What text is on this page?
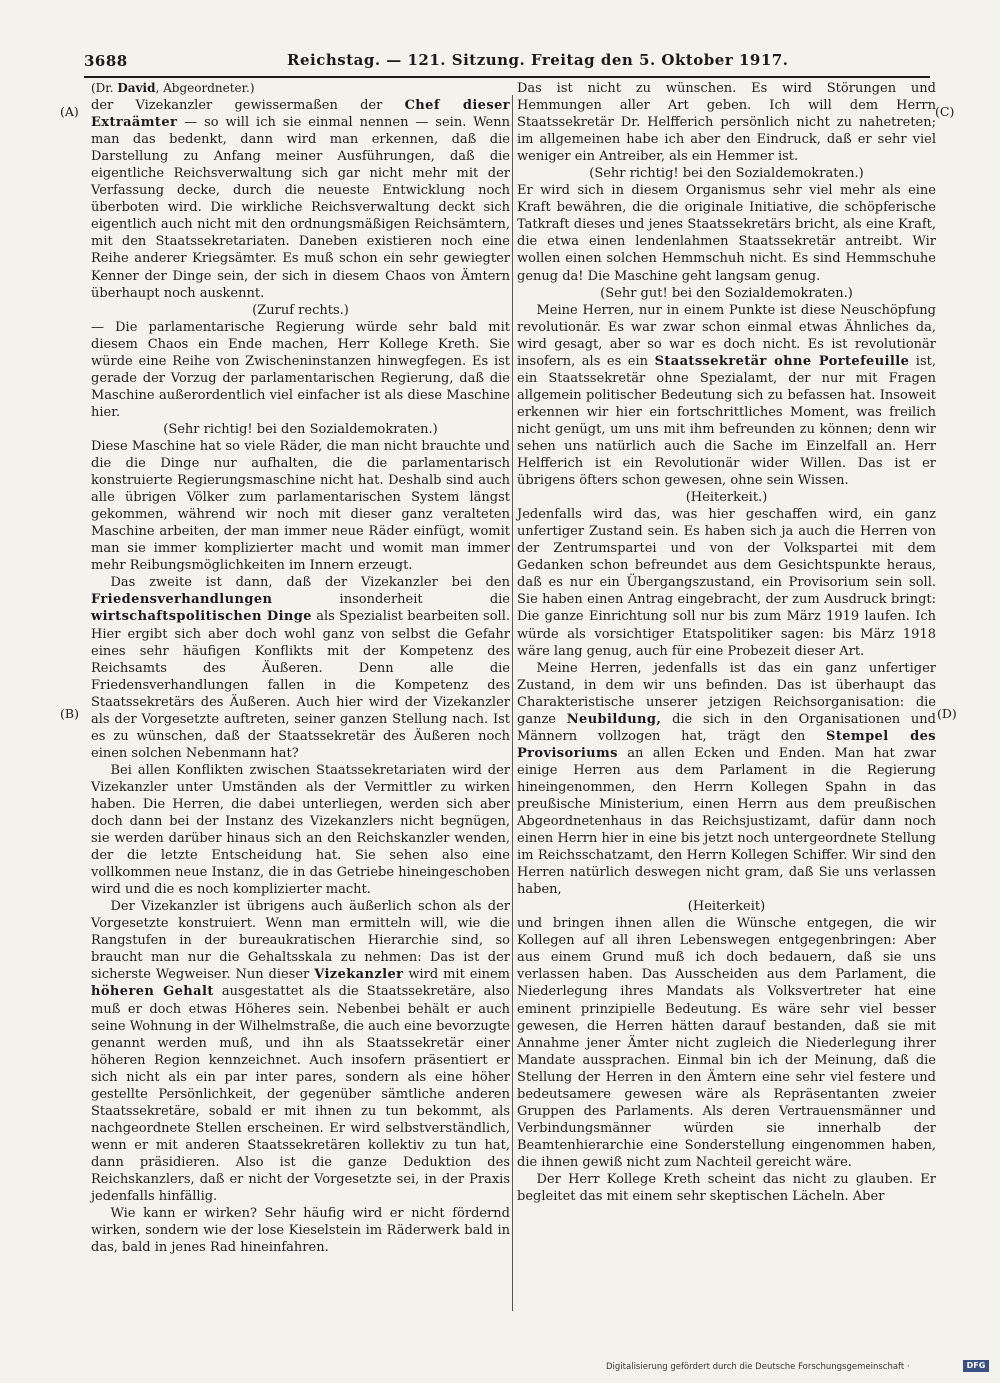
3688	Reichstag. — 121. Sitzung. Freitag den 5. Oktober 1917.
(A)
(B)
(C)
(D)

(Dr. David, Abgeordneter.)

der Vizekanzler gewissermaßen der Chef dieser Extraämter — so will ich sie einmal nennen — sein. Wenn man das bedenkt, dann wird man erkennen, daß die Darstellung zu Anfang meiner Ausführungen, daß die eigentliche Reichsverwaltung sich gar nicht mehr mit der Verfassung decke, durch die neueste Entwicklung noch überboten wird. Die wirkliche Reichsverwaltung deckt sich eigentlich auch nicht mit den ordnungsmäßigen Reichsämtern, mit den Staatssekretariaten. Daneben existieren noch eine Reihe anderer Kriegsämter. Es muß schon ein sehr gewiegter Kenner der Dinge sein, der sich in diesem Chaos von Ämtern überhaupt noch auskennt.

(Zuruf rechts.)

— Die parlamentarische Regierung würde sehr bald mit diesem Chaos ein Ende machen, Herr Kollege Kreth. Sie würde eine Reihe von Zwischeninstanzen hinwegfegen. Es ist gerade der Vorzug der parlamentarischen Regierung, daß die Maschine außerordentlich viel einfacher ist als diese Maschine hier.

(Sehr richtig! bei den Sozialdemokraten.)

Diese Maschine hat so viele Räder, die man nicht brauchte und die die Dinge nur aufhalten, die die parlamentarisch konstruierte Regierungsmaschine nicht hat. Deshalb sind auch alle übrigen Völker zum parlamentarischen System längst gekommen, während wir noch mit dieser ganz veralteten Maschine arbeiten, der man immer neue Räder einfügt, womit man sie immer komplizierter macht und womit man immer mehr Reibungsmöglichkeiten im Innern erzeugt.

Das zweite ist dann, daß der Vizekanzler bei den Friedensverhandlungen insonderheit die wirtschaftspolitischen Dinge als Spezialist bearbeiten soll. Hier ergibt sich aber doch wohl ganz von selbst die Gefahr eines sehr häufigen Konflikts mit der Kompetenz des Reichsamts des Äußeren. Denn alle die Friedensverhandlungen fallen in die Kompetenz des Staatssekretärs des Äußeren. Auch hier wird der Vizekanzler als der Vorgesetzte auftreten, seiner ganzen Stellung nach. Ist es zu wünschen, daß der Staatssekretär des Äußeren noch einen solchen Nebenmann hat?

Bei allen Konflikten zwischen Staatssekretariaten wird der Vizekanzler unter Umständen als der Vermittler zu wirken haben. Die Herren, die dabei unterliegen, werden sich aber doch dann bei der Instanz des Vizekanzlers nicht begnügen, sie werden darüber hinaus sich an den Reichskanzler wenden, der die letzte Entscheidung hat. Sie sehen also eine vollkommen neue Instanz, die in das Getriebe hineingeschoben wird und die es noch komplizierter macht.

Der Vizekanzler ist übrigens auch äußerlich schon als der Vorgesetzte konstruiert. Wenn man ermitteln will, wie die Rangstufen in der bureaukratischen Hierarchie sind, so braucht man nur die Gehaltsskala zu nehmen: Das ist der sicherste Wegweiser. Nun dieser Vizekanzler wird mit einem höheren Gehalt ausgestattet als die Staatssekretäre, also muß er doch etwas Höheres sein. Nebenbei behält er auch seine Wohnung in der Wilhelmstraße, die auch eine bevorzugte genannt werden muß, und ihn als Staatssekretär einer höheren Region kennzeichnet. Auch insofern präsentiert er sich nicht als ein par inter pares, sondern als eine höher gestellte Persönlichkeit, der gegenüber sämtliche anderen Staatssekretäre, sobald er mit ihnen zu tun bekommt, als nachgeordnete Stellen erscheinen. Er wird selbstverständlich, wenn er mit anderen Staatssekretären kollektiv zu tun hat, dann präsidieren. Also ist die ganze Deduktion des Reichskanzlers, daß er nicht der Vorgesetzte sei, in der Praxis jedenfalls hinfällig.

Wie kann er wirken? Sehr häufig wird er nicht fördernd wirken, sondern wie der lose Kieselstein im Räderwerk bald in das, bald in jenes Rad hineinfahren.

Das ist nicht zu wünschen. Es wird Störungen und Hemmungen aller Art geben. Ich will dem Herrn Staatssekretär Dr. Helfferich persönlich nicht zu nahetreten; im allgemeinen habe ich aber den Eindruck, daß er sehr viel weniger ein Antreiber, als ein Hemmer ist.

(Sehr richtig! bei den Sozialdemokraten.)

Er wird sich in diesem Organismus sehr viel mehr als eine Kraft bewähren, die die originale Initiative, die schöpferische Tatkraft dieses und jenes Staatssekretärs bricht, als eine Kraft, die etwa einen lendenlahmen Staatssekretär antreibt. Wir wollen einen solchen Hemmschuh nicht. Es sind Hemmschuhe genug da! Die Maschine geht langsam genug.

(Sehr gut! bei den Sozialdemokraten.)

Meine Herren, nur in einem Punkte ist diese Neuschöpfung revolutionär. Es war zwar schon einmal etwas Ähnliches da, wird gesagt, aber so war es doch nicht. Es ist revolutionär insofern, als es ein Staatssekretär ohne Portefeuille ist, ein Staatssekretär ohne Spezialamt, der nur mit Fragen allgemein politischer Bedeutung sich zu befassen hat. Insoweit erkennen wir hier ein fortschrittliches Moment, was freilich nicht genügt, um uns mit ihm befreunden zu können; denn wir sehen uns natürlich auch die Sache im Einzelfall an. Herr Helfferich ist ein Revolutionär wider Willen. Das ist er übrigens öfters schon gewesen, ohne sein Wissen.

(Heiterkeit.)

Jedenfalls wird das, was hier geschaffen wird, ein ganz unfertiger Zustand sein. Es haben sich ja auch die Herren von der Zentrumspartei und von der Volkspartei mit dem Gedanken schon befreundet aus dem Gesichtspunkte heraus, daß es nur ein Übergangszustand, ein Provisorium sein soll. Sie haben einen Antrag eingebracht, der zum Ausdruck bringt: Die ganze Einrichtung soll nur bis zum März 1919 laufen. Ich würde als vorsichtiger Etatspolitiker sagen: bis März 1918 wäre lang genug, auch für eine Probezeit dieser Art.

Meine Herren, jedenfalls ist das ein ganz unfertiger Zustand, in dem wir uns befinden. Das ist überhaupt das Charakteristische unserer jetzigen Reichsorganisation: die ganze Neubildung, die sich in den Organisationen und Männern vollzogen hat, trägt den Stempel des Provisoriums an allen Ecken und Enden. Man hat zwar einige Herren aus dem Parlament in die Regierung hineingenommen, den Herrn Kollegen Spahn in das preußische Ministerium, einen Herrn aus dem preußischen Abgeordnetenhaus in das Reichsjustizamt, dafür dann noch einen Herrn hier in eine bis jetzt noch untergeordnete Stellung im Reichsschatzamt, den Herrn Kollegen Schiffer. Wir sind den Herren natürlich deswegen nicht gram, daß Sie uns verlassen haben,

(Heiterkeit)

und bringen ihnen allen die Wünsche entgegen, die wir Kollegen auf all ihren Lebenswegen entgegenbringen: Aber aus einem Grund muß ich doch bedauern, daß sie uns verlassen haben. Das Ausscheiden aus dem Parlament, die Niederlegung ihres Mandats als Volksvertreter hat eine eminent prinzipielle Bedeutung. Es wäre sehr viel besser gewesen, die Herren hätten darauf bestanden, daß sie mit Annahme jener Ämter nicht zugleich die Niederlegung ihrer Mandate aussprachen. Einmal bin ich der Meinung, daß die Stellung der Herren in den Ämtern eine sehr viel festere und bedeutsamere gewesen wäre als Repräsentanten zweier Gruppen des Parlaments. Als deren Vertrauensmänner und Verbindungsmänner würden sie innerhalb der Beamtenhierarchie eine Sonderstellung eingenommen haben, die ihnen gewiß nicht zum Nachteil gereicht wäre.

Der Herr Kollege Kreth scheint das nicht zu glauben. Er begleitet das mit einem sehr skeptischen Lächeln. Aber

Digitalisierung gefördert durch die Deutsche Forschungsgemeinschaft ·	DFG
